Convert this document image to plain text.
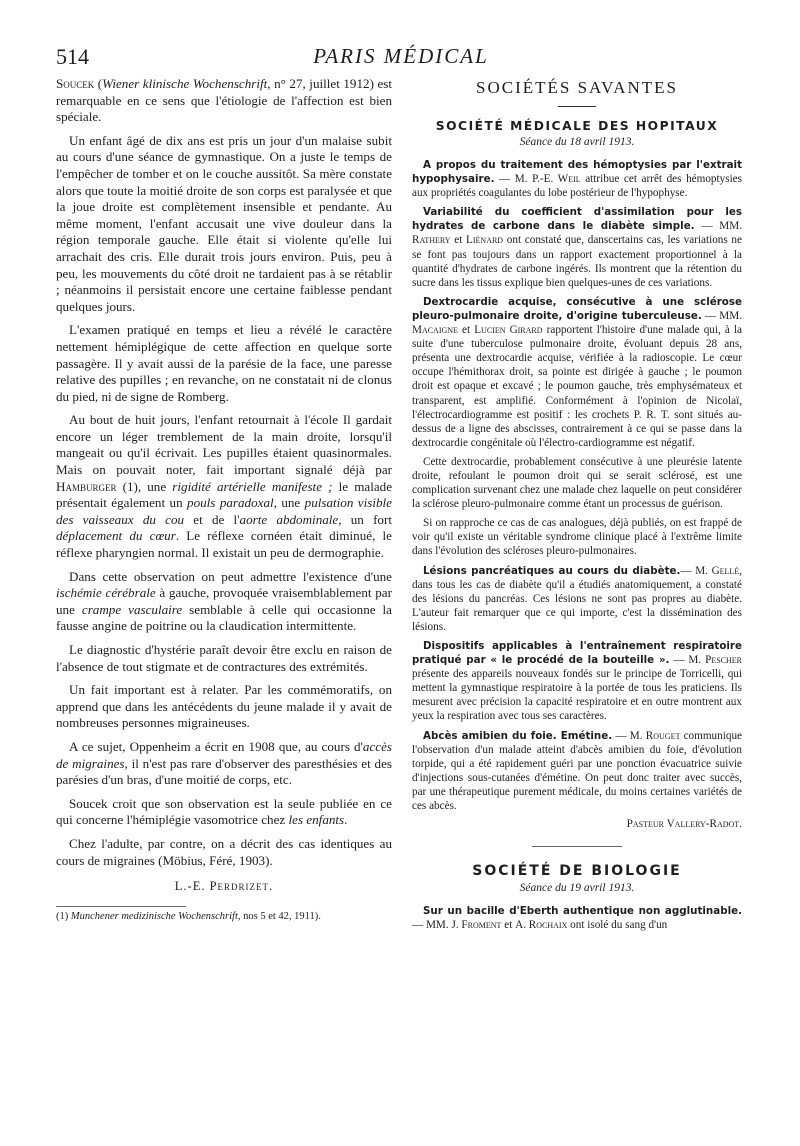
514	PARIS MÉDICAL

Soucek (Wiener klinische Wochenschrift, n° 27, juillet 1912) est remarquable en ce sens que l'étiologie de l'affection est bien spéciale.

Un enfant âgé de dix ans est pris un jour d'un malaise subit au cours d'une séance de gymnastique. On a juste le temps de l'empêcher de tomber et on le couche aussitôt. Sa mère constate alors que toute la moitié droite de son corps est paralysée et que la joue droite est complètement insensible et pendante. Au même moment, l'enfant accusait une vive douleur dans la région temporale gauche. Elle était si violente qu'elle lui arrachait des cris. Elle durait trois jours environ. Puis, peu à peu, les mouvements du côté droit ne tardaient pas à se rétablir ; néanmoins il persistait encore une certaine faiblesse pendant quelques jours.

L'examen pratiqué en temps et lieu a révélé le caractère nettement hémiplégique de cette affection en quelque sorte passagère. Il y avait aussi de la parésie de la face, une paresse relative des pupilles ; en revanche, on ne constatait ni de clonus du pied, ni de signe de Romberg.

Au bout de huit jours, l'enfant retournait à l'école Il gardait encore un léger tremblement de la main droite, lorsqu'il mangeait ou qu'il écrivait. Les pupilles étaient quasinormales. Mais on pouvait noter, fait important signalé déjà par Hamburger (1), une rigidité artérielle manifeste ; le malade présentait également un pouls paradoxal, une pulsation visible des vaisseaux du cou et de l'aorte abdominale, un fort déplacement du cœur. Le réflexe cornéen était diminué, le réflexe pharyngien normal. Il existait un peu de dermographie.

Dans cette observation on peut admettre l'existence d'une ischémie cérébrale à gauche, provoquée vraisemblablement par une crampe vasculaire semblable à celle qui occasionne la fausse angine de poitrine ou la claudication intermittente.

Le diagnostic d'hystérie paraît devoir être exclu en raison de l'absence de tout stigmate et de contractures des extrémités.

Un fait important est à relater. Par les commémoratifs, on apprend que dans les antécédents du jeune malade il y avait de nombreuses personnes migraineuses.

A ce sujet, Oppenheim a écrit en 1908 que, au cours d'accès de migraines, il n'est pas rare d'observer des paresthésies et des parésies d'un bras, d'une moitié de corps, etc.

Soucek croit que son observation est la seule publiée en ce qui concerne l'hémiplégie vasomotrice chez les enfants.

Chez l'adulte, par contre, on a décrit des cas identiques au cours de migraines (Möbius, Féré, 1903).

L.-E. Perdrizet.
(1) Munchener medizinische Wochenschrift, nos 5 et 42, 1911).
SOCIÉTÉS SAVANTES
SOCIÉTÉ MÉDICALE DES HOPITAUX
Séance du 18 avril 1913.

A propos du traitement des hémoptysies par l'extrait hypophysaire. — M. P.-E. Weil attribue cet arrêt des hémoptysies aux propriétés coagulantes du lobe postérieur de l'hypophyse.

Variabilité du coefficient d'assimilation pour les hydrates de carbone dans le diabète simple. — MM. Rathery et Liénard ont constaté que, danscertains cas, les variations ne se font pas toujours dans un rapport exactement proportionnel à la quantité d'hydrates de carbone ingérés. Ils montrent que la rétention du sucre dans les tissus explique bien quelques-unes de ces variations.

Dextrocardie acquise, consécutive à une sclérose pleuro-pulmonaire droite, d'origine tuberculeuse. — MM. Macaigne et Lucien Girard rapportent l'histoire d'une malade qui, à la suite d'une tuberculose pulmonaire droite, évoluant depuis 28 ans, présenta une dextrocardie acquise, vérifiée à la radioscopie. Le cœur occupe l'hémithorax droit, sa pointe est dirigée à gauche ; le poumon droit est opaque et excavé ; le poumon gauche, très emphysémateux et transparent, est amplifié. Conformément à l'opinion de Nicolaï, l'électrocardiogramme est positif : les crochets P. R. T. sont situés au-dessus de a ligne des abscisses, contrairement à ce qui se passe dans la dextrocardie congénitale où l'électro-cardiogramme est négatif.

Cette dextrocardie, probablement consécutive à une pleurésie latente droite, refoulant le poumon droit qui se serait sclérosé, est une complication survenant chez une malade chez laquelle on peut considérer la sclérose pleuro-pulmonaire comme étant un processus de guérison.

Si on rapproche ce cas de cas analogues, déjà publiés, on est frappé de voir qu'il existe un véritable syndrome clinique placé à l'extrême limite dans l'évolution des scléroses pleuro-pulmonaires.

Lésions pancréatiques au cours du diabète.— M. Gellé, dans tous les cas de diabète qu'il a étudiés anatomiquement, a constaté des lésions du pancréas. Ces lésions ne sont pas propres au diabète. L'auteur fait remarquer que ce qui importe, c'est la dissémination des lésions.

Dispositifs applicables à l'entraînement respiratoire pratiqué par « le procédé de la bouteille ». — M. Pescher présente des appareils nouveaux fondés sur le principe de Torricelli, qui mettent la gymnastique respiratoire à la portée de tous les praticiens. Ils mesurent avec précision la capacité respiratoire et en outre montrent aux yeux la respiration avec tous ses caractères.

Abcès amibien du foie. Emétine. — M. Rouget communique l'observation d'un malade atteint d'abcès amibien du foie, d'évolution torpide, qui a été rapidement guéri par une ponction évacuatrice suivie d'injections sous-cutanées d'émétine. On peut donc traiter avec succès, par une thérapeutique purement médicale, du moins certaines variétés de ces abcès.

Pasteur Vallery-Radot.
SOCIÉTÉ DE BIOLOGIE
Séance du 19 avril 1913.

Sur un bacille d'Eberth authentique non agglutinable. — MM. J. Froment et A. Rochaix ont isolé du sang d'un
